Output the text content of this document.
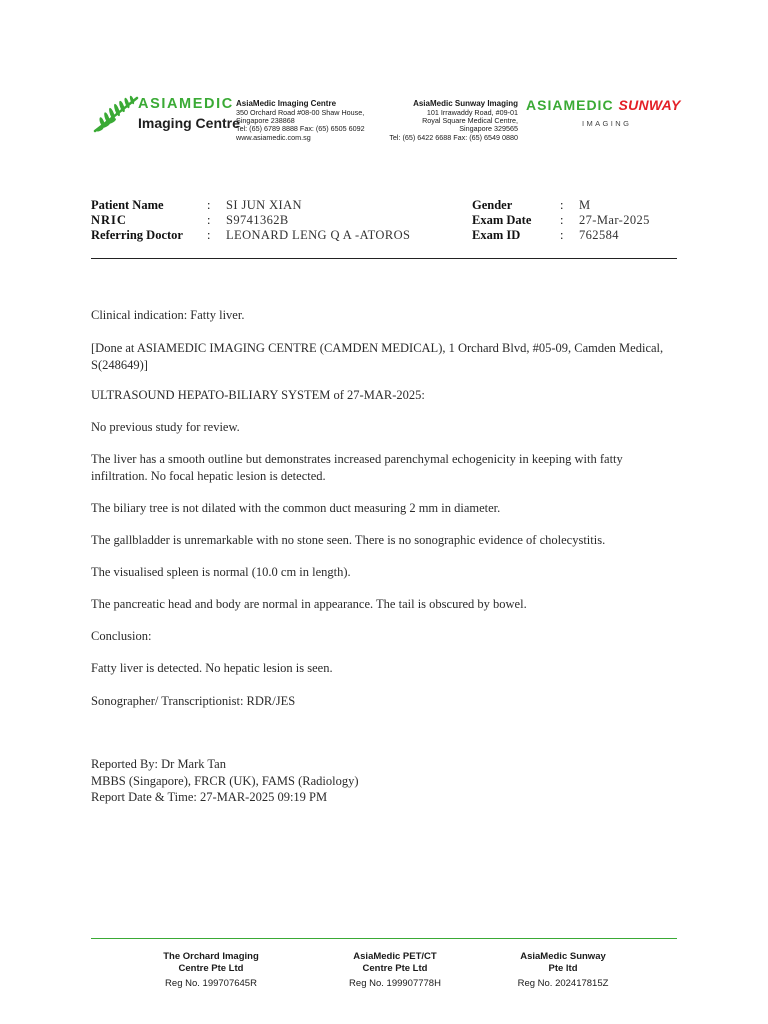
ASIAMEDIC
Imaging Centre
AsiaMedic Imaging Centre
350 Orchard Road #08-00 Shaw House,
Singapore 238868
Tel: (65) 6789 8888 Fax: (65) 6505 6092
www.asiamedic.com.sg
AsiaMedic Sunway Imaging
101 Irrawaddy Road, #09-01
Royal Square Medical Centre,
Singapore 329565
Tel: (65) 6422 6688 Fax: (65) 6549 0880
ASIAMEDIC SUNWAY
IMAGING
Patient Name	: SI JUN XIAN
NRIC	: S9741362B
Referring Doctor : LEONARD LENG Q A -ATOROS
Gender	: M
Exam Date : 27-Mar-2025
Exam ID	: 762584

Clinical indication: Fatty liver.

[Done at ASIAMEDIC IMAGING CENTRE (CAMDEN MEDICAL), 1 Orchard Blvd, #05-09, Camden Medical, S(248649)]

ULTRASOUND HEPATO-BILIARY SYSTEM of 27-MAR-2025:

No previous study for review.

The liver has a smooth outline but demonstrates increased parenchymal echogenicity in keeping with fatty infiltration. No focal hepatic lesion is detected.

The biliary tree is not dilated with the common duct measuring 2 mm in diameter.

The gallbladder is unremarkable with no stone seen. There is no sonographic evidence of cholecystitis.

The visualised spleen is normal (10.0 cm in length).

The pancreatic head and body are normal in appearance. The tail is obscured by bowel.

Conclusion:

Fatty liver is detected. No hepatic lesion is seen.

Sonographer/ Transcriptionist: RDR/JES

Reported By: Dr Mark Tan

MBBS (Singapore), FRCR (UK), FAMS (Radiology)

Report Date & Time: 27-MAR-2025 09:19 PM

The Orchard Imaging
Centre Pte Ltd
Reg No. 199707645R
AsiaMedic PET/CT
Centre Pte Ltd
Reg No. 199907778H
AsiaMedic Sunway
Pte ltd
Reg No. 202417815Z
